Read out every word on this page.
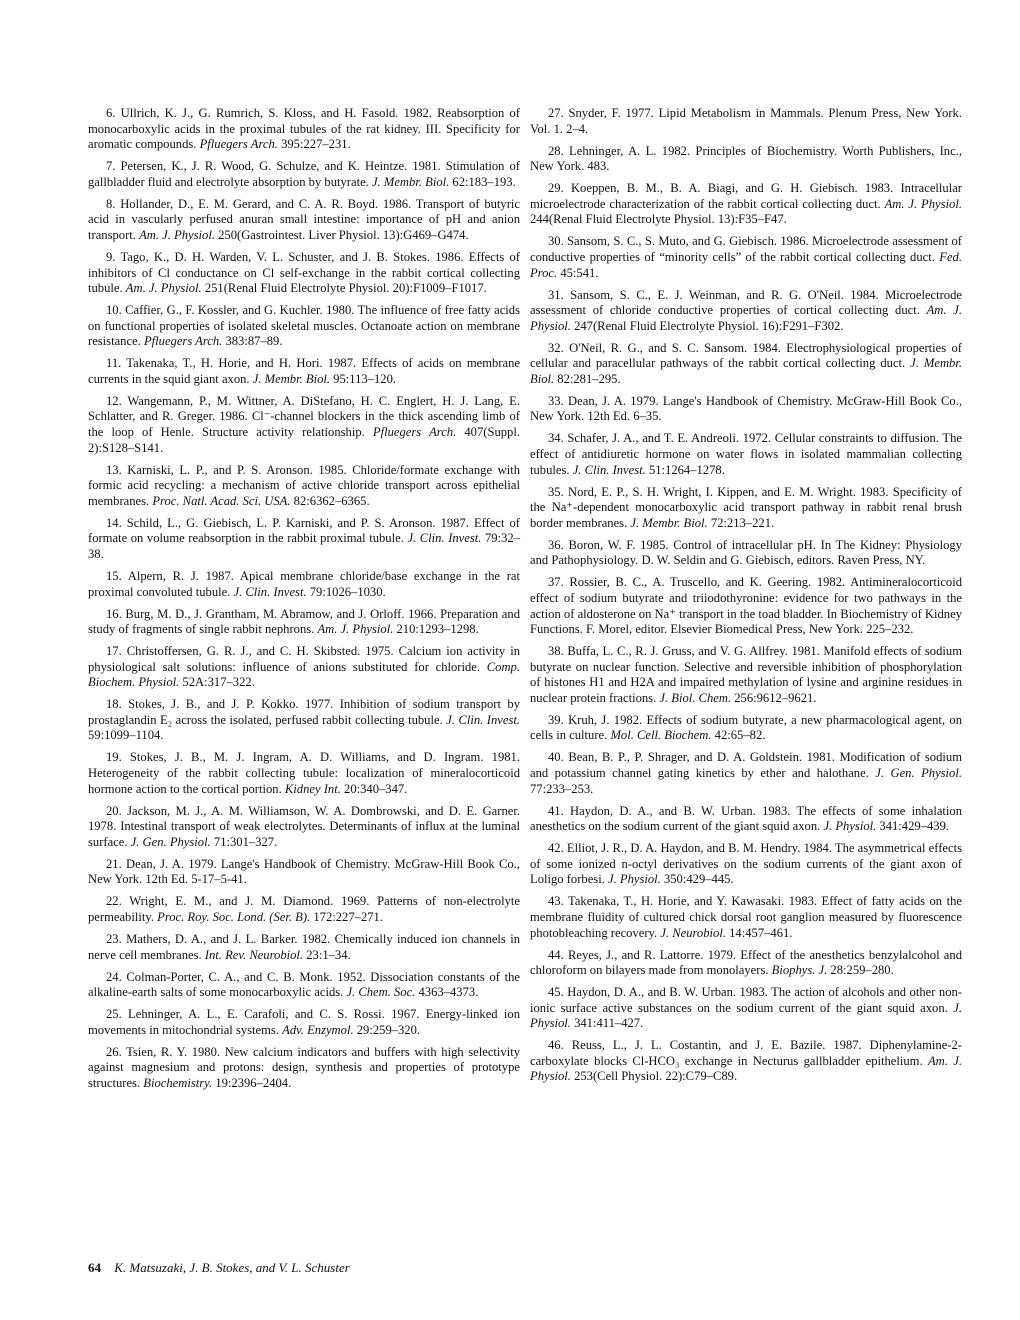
6. Ullrich, K. J., G. Rumrich, S. Kloss, and H. Fasold. 1982. Reabsorption of monocarboxylic acids in the proximal tubules of the rat kidney. III. Specificity for aromatic compounds. Pfluegers Arch. 395:227–231.

7. Petersen, K., J. R. Wood, G. Schulze, and K. Heintze. 1981. Stimulation of gallbladder fluid and electrolyte absorption by butyrate. J. Membr. Biol. 62:183–193.

8. Hollander, D., E. M. Gerard, and C. A. R. Boyd. 1986. Transport of butyric acid in vascularly perfused anuran small intestine: importance of pH and anion transport. Am. J. Physiol. 250(Gastrointest. Liver Physiol. 13):G469–G474.

9. Tago, K., D. H. Warden, V. L. Schuster, and J. B. Stokes. 1986. Effects of inhibitors of Cl conductance on Cl self-exchange in the rabbit cortical collecting tubule. Am. J. Physiol. 251(Renal Fluid Electrolyte Physiol. 20):F1009–F1017.

10. Caffier, G., F. Kossler, and G. Kuchler. 1980. The influence of free fatty acids on functional properties of isolated skeletal muscles. Octanoate action on membrane resistance. Pfluegers Arch. 383:87–89.

11. Takenaka, T., H. Horie, and H. Hori. 1987. Effects of acids on membrane currents in the squid giant axon. J. Membr. Biol. 95:113–120.

12. Wangemann, P., M. Wittner, A. DiStefano, H. C. Englert, H. J. Lang, E. Schlatter, and R. Greger. 1986. Cl⁻-channel blockers in the thick ascending limb of the loop of Henle. Structure activity relationship. Pfluegers Arch. 407(Suppl. 2):S128–S141.

13. Karniski, L. P., and P. S. Aronson. 1985. Chloride/formate exchange with formic acid recycling: a mechanism of active chloride transport across epithelial membranes. Proc. Natl. Acad. Sci. USA. 82:6362–6365.

14. Schild, L., G. Giebisch, L. P. Karniski, and P. S. Aronson. 1987. Effect of formate on volume reabsorption in the rabbit proximal tubule. J. Clin. Invest. 79:32–38.

15. Alpern, R. J. 1987. Apical membrane chloride/base exchange in the rat proximal convoluted tubule. J. Clin. Invest. 79:1026–1030.

16. Burg, M. D., J. Grantham, M. Abramow, and J. Orloff. 1966. Preparation and study of fragments of single rabbit nephrons. Am. J. Physiol. 210:1293–1298.

17. Christoffersen, G. R. J., and C. H. Skibsted. 1975. Calcium ion activity in physiological salt solutions: influence of anions substituted for chloride. Comp. Biochem. Physiol. 52A:317–322.

18. Stokes, J. B., and J. P. Kokko. 1977. Inhibition of sodium transport by prostaglandin E₂ across the isolated, perfused rabbit collecting tubule. J. Clin. Invest. 59:1099–1104.

19. Stokes, J. B., M. J. Ingram, A. D. Williams, and D. Ingram. 1981. Heterogeneity of the rabbit collecting tubule: localization of mineralocorticoid hormone action to the cortical portion. Kidney Int. 20:340–347.

20. Jackson, M. J., A. M. Williamson, W. A. Dombrowski, and D. E. Garner. 1978. Intestinal transport of weak electrolytes. Determinants of influx at the luminal surface. J. Gen. Physiol. 71:301–327.

21. Dean, J. A. 1979. Lange's Handbook of Chemistry. McGraw-Hill Book Co., New York. 12th Ed. 5-17–5-41.

22. Wright, E. M., and J. M. Diamond. 1969. Patterns of non-electrolyte permeability. Proc. Roy. Soc. Lond. (Ser. B). 172:227–271.

23. Mathers, D. A., and J. L. Barker. 1982. Chemically induced ion channels in nerve cell membranes. Int. Rev. Neurobiol. 23:1–34.

24. Colman-Porter, C. A., and C. B. Monk. 1952. Dissociation constants of the alkaline-earth salts of some monocarboxylic acids. J. Chem. Soc. 4363–4373.

25. Lehninger, A. L., E. Carafoli, and C. S. Rossi. 1967. Energy-linked ion movements in mitochondrial systems. Adv. Enzymol. 29:259–320.

26. Tsien, R. Y. 1980. New calcium indicators and buffers with high selectivity against magnesium and protons: design, synthesis and properties of prototype structures. Biochemistry. 19:2396–2404.

27. Snyder, F. 1977. Lipid Metabolism in Mammals. Plenum Press, New York. Vol. 1. 2–4.

28. Lehninger, A. L. 1982. Principles of Biochemistry. Worth Publishers, Inc., New York. 483.

29. Koeppen, B. M., B. A. Biagi, and G. H. Giebisch. 1983. Intracellular microelectrode characterization of the rabbit cortical collecting duct. Am. J. Physiol. 244(Renal Fluid Electrolyte Physiol. 13):F35–F47.

30. Sansom, S. C., S. Muto, and G. Giebisch. 1986. Microelectrode assessment of conductive properties of “minority cells” of the rabbit cortical collecting duct. Fed. Proc. 45:541.

31. Sansom, S. C., E. J. Weinman, and R. G. O'Neil. 1984. Microelectrode assessment of chloride conductive properties of cortical collecting duct. Am. J. Physiol. 247(Renal Fluid Electrolyte Physiol. 16):F291–F302.

32. O'Neil, R. G., and S. C. Sansom. 1984. Electrophysiological properties of cellular and paracellular pathways of the rabbit cortical collecting duct. J. Membr. Biol. 82:281–295.

33. Dean, J. A. 1979. Lange's Handbook of Chemistry. McGraw-Hill Book Co., New York. 12th Ed. 6–35.

34. Schafer, J. A., and T. E. Andreoli. 1972. Cellular constraints to diffusion. The effect of antidiuretic hormone on water flows in isolated mammalian collecting tubules. J. Clin. Invest. 51:1264–1278.

35. Nord, E. P., S. H. Wright, I. Kippen, and E. M. Wright. 1983. Specificity of the Na⁺-dependent monocarboxylic acid transport pathway in rabbit renal brush border membranes. J. Membr. Biol. 72:213–221.

36. Boron, W. F. 1985. Control of intracellular pH. In The Kidney: Physiology and Pathophysiology. D. W. Seldin and G. Giebisch, editors. Raven Press, NY.

37. Rossier, B. C., A. Truscello, and K. Geering. 1982. Antimineralocorticoid effect of sodium butyrate and triiodothyronine: evidence for two pathways in the action of aldosterone on Na⁺ transport in the toad bladder. In Biochemistry of Kidney Functions. F. Morel, editor. Elsevier Biomedical Press, New York. 225–232.

38. Buffa, L. C., R. J. Gruss, and V. G. Allfrey. 1981. Manifold effects of sodium butyrate on nuclear function. Selective and reversible inhibition of phosphorylation of histones H1 and H2A and impaired methylation of lysine and arginine residues in nuclear protein fractions. J. Biol. Chem. 256:9612–9621.

39. Kruh, J. 1982. Effects of sodium butyrate, a new pharmacological agent, on cells in culture. Mol. Cell. Biochem. 42:65–82.

40. Bean, B. P., P. Shrager, and D. A. Goldstein. 1981. Modification of sodium and potassium channel gating kinetics by ether and halothane. J. Gen. Physiol. 77:233–253.

41. Haydon, D. A., and B. W. Urban. 1983. The effects of some inhalation anesthetics on the sodium current of the giant squid axon. J. Physiol. 341:429–439.

42. Elliot, J. R., D. A. Haydon, and B. M. Hendry. 1984. The asymmetrical effects of some ionized n-octyl derivatives on the sodium currents of the giant axon of Loligo forbesi. J. Physiol. 350:429–445.

43. Takenaka, T., H. Horie, and Y. Kawasaki. 1983. Effect of fatty acids on the membrane fluidity of cultured chick dorsal root ganglion measured by fluorescence photobleaching recovery. J. Neurobiol. 14:457–461.

44. Reyes, J., and R. Lattorre. 1979. Effect of the anesthetics benzylalcohol and chloroform on bilayers made from monolayers. Biophys. J. 28:259–280.

45. Haydon, D. A., and B. W. Urban. 1983. The action of alcohols and other non-ionic surface active substances on the sodium current of the giant squid axon. J. Physiol. 341:411–427.

46. Reuss, L., J. L. Costantin, and J. E. Bazile. 1987. Diphenylamine-2-carboxylate blocks Cl-HCO₃ exchange in Necturus gallbladder epithelium. Am. J. Physiol. 253(Cell Physiol. 22):C79–C89.

64 K. Matsuzaki, J. B. Stokes, and V. L. Schuster
